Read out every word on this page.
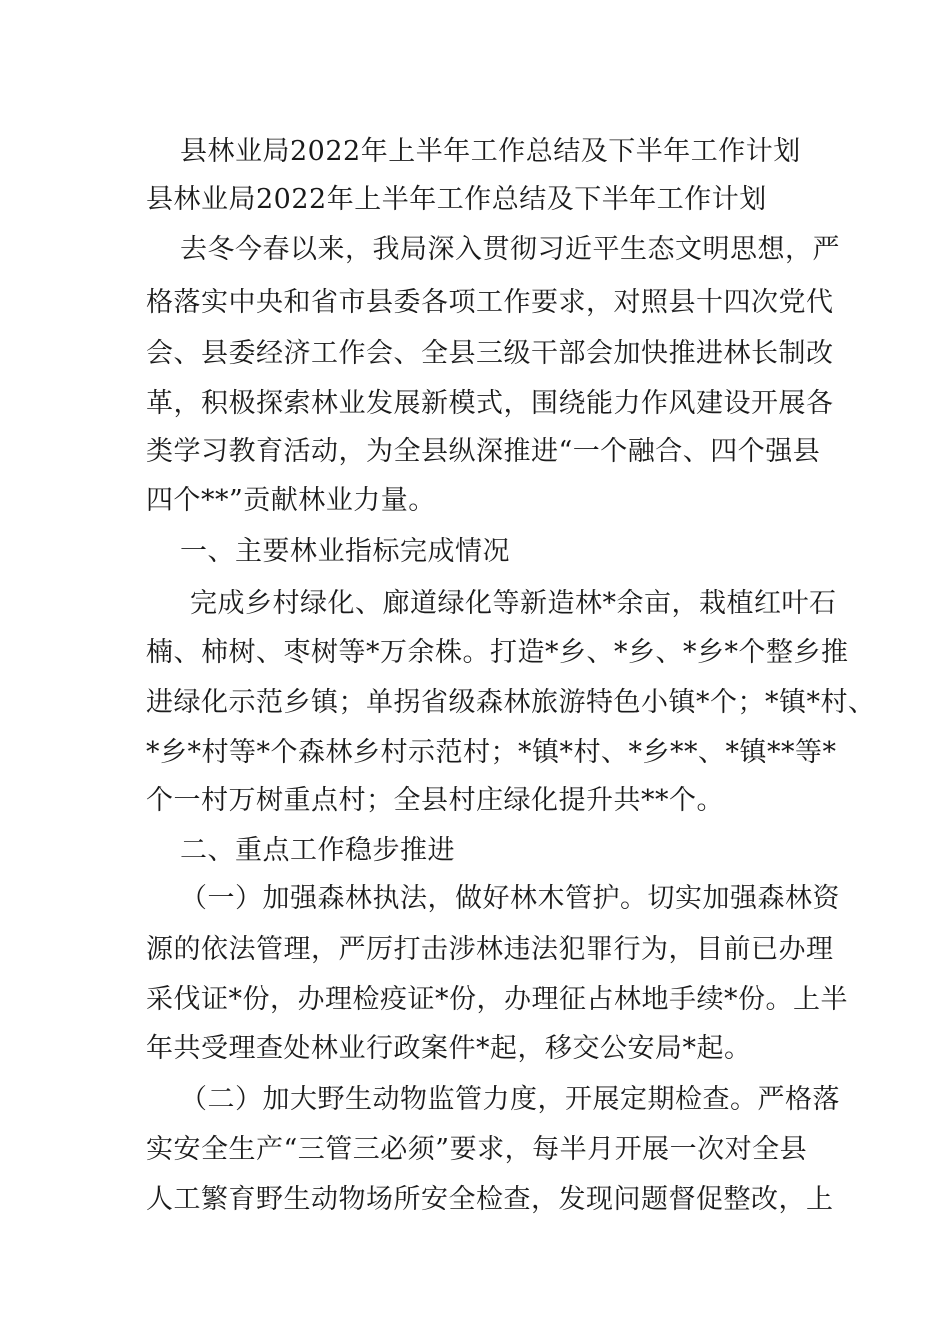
县林业局2022年上半年工作总结及下半年工作计划
县林业局2022年上半年工作总结及下半年工作计划
去冬今春以来，我局深入贯彻习近平生态文明思想，严
格落实中央和省市县委各项工作要求，对照县十四次党代
会、县委经济工作会、全县三级干部会加快推进林长制改
革，积极探索林业发展新模式，围绕能力作风建设开展各
类学习教育活动，为全县纵深推进“一个融合、四个强县
四个**”贡献林业力量。
一、主要林业指标完成情况
完成乡村绿化、廊道绿化等新造林*余亩，栽植红叶石
楠、柿树、枣树等*万余株。打造*乡、*乡、*乡*个整乡推
进绿化示范乡镇；单拐省级森林旅游特色小镇*个；*镇*村、
*乡*村等*个森林乡村示范村；*镇*村、*乡**、*镇**等*
个一村万树重点村；全县村庄绿化提升共**个。
二、重点工作稳步推进
（一）加强森林执法，做好林木管护。切实加强森林资
源的依法管理，严厉打击涉林违法犯罪行为，目前已办理
采伐证*份，办理检疫证*份，办理征占林地手续*份。上半
年共受理查处林业行政案件*起，移交公安局*起。
（二）加大野生动物监管力度，开展定期检查。严格落
实安全生产“三管三必须”要求，每半月开展一次对全县
人工繁育野生动物场所安全检查，发现问题督促整改，上
